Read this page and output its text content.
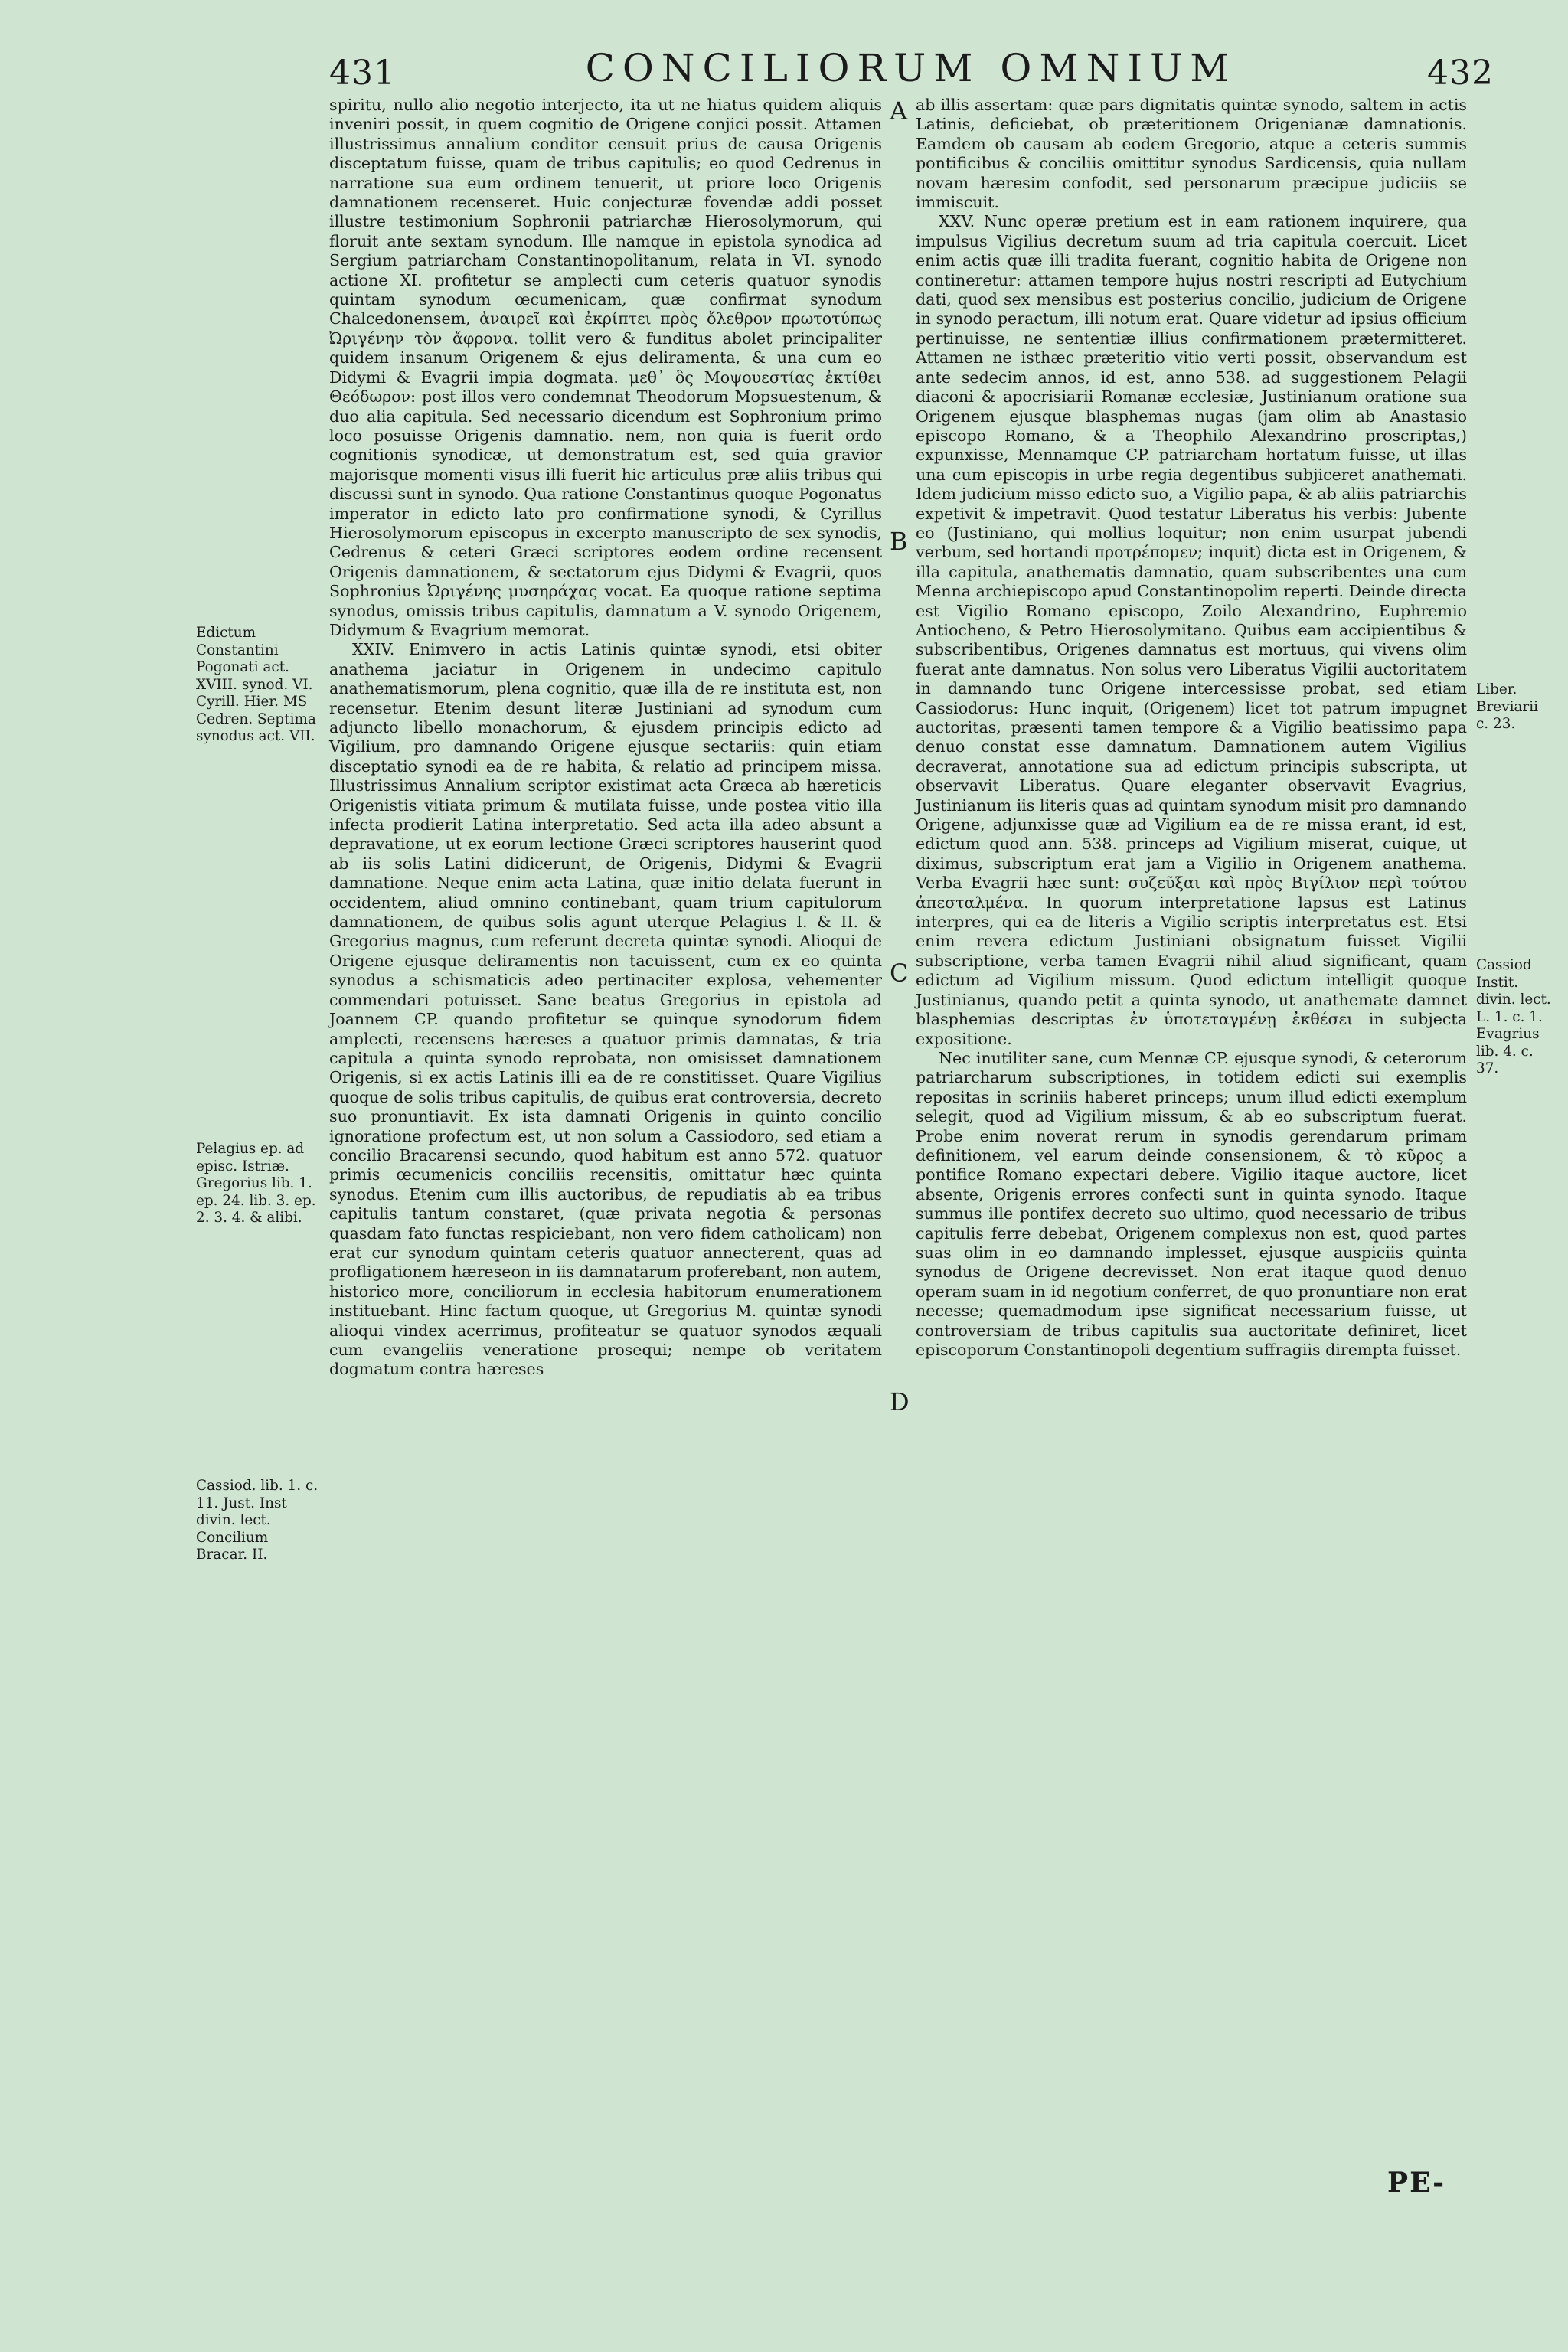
431	CONCILIORUM OMNIUM	432

spiritu, nullo alio negotio interjecto, ita ut ne hiatus quidem aliquis inveniri possit, in quem cognitio de Origene conjici possit. Attamen illustrissimus annalium conditor censuit prius de causa Origenis disceptatum fuisse, quam de tribus capitulis; eo quod Cedrenus in narratione sua eum ordinem tenuerit, ut priore loco Origenis damnationem recenseret. Huic conjecturæ fovendæ addi posset illustre testimonium Sophronii patriarchæ Hierosolymorum, qui floruit ante sextam synodum. Ille namque in epistola synodica ad Sergium patriarcham Constantinopolitanum, relata in VI. synodo actione XI. profitetur se amplecti cum ceteris quatuor synodis quintam synodum œcumenicam, quæ confirmat synodum Chalcedonensem, ἀναιρεῖ καὶ ἐκρίπτει πρὸς ὄλεθρον πρωτοτύπως Ὠριγένην τὸν ἄφρονα. tollit vero & funditus abolet principaliter quidem insanum Origenem & ejus deliramenta, & una cum eo Didymi & Evagrii impia dogmata. μεθ᾽ ὃς Μοψουεστίας ἐκτίθει Θεόδωρον: post illos vero condemnat Theodorum Mopsuestenum, & duo alia capitula. Sed necessario dicendum est Sophronium primo loco posuisse Origenis damnatio. nem, non quia is fuerit ordo cognitionis synodicæ, ut demonstratum est, sed quia gravior majorisque momenti visus illi fuerit hic articulus præ aliis tribus qui discussi sunt in synodo. Qua ratione Constantinus quoque Pogonatus imperator in edicto lato pro confirmatione synodi, & Cyrillus Hierosolymorum episcopus in excerpto manuscripto de sex synodis, Cedrenus & ceteri Græci scriptores eodem ordine recensent Origenis damnationem, & sectatorum ejus Didymi & Evagrii, quos Sophronius Ὠριγένης μυσηράχας vocat. Ea quoque ratione septima synodus, omissis tribus capitulis, damnatum a V. synodo Origenem, Didymum & Evagrium memorat.

XXIV. Enimvero in actis Latinis quintæ synodi, etsi obiter anathema jaciatur in Origenem in undecimo capitulo anathematismorum, plena cognitio, quæ illa de re instituta est, non recensetur. Etenim desunt literæ Justiniani ad synodum cum adjuncto libello monachorum, & ejusdem principis edicto ad Vigilium, pro damnando Origene ejusque sectariis: quin etiam disceptatio synodi ea de re habita, & relatio ad principem missa. Illustrissimus Annalium scriptor existimat acta Græca ab hæreticis Origenistis vitiata primum & mutilata fuisse, unde postea vitio illa infecta prodierit Latina interpretatio. Sed acta illa adeo absunt a depravatione, ut ex eorum lectione Græci scriptores hauserint quod ab iis solis Latini didicerunt, de Origenis, Didymi & Evagrii damnatione. Neque enim acta Latina, quæ initio delata fuerunt in occidentem, aliud omnino continebant, quam trium capitulorum damnationem, de quibus solis agunt uterque Pelagius I. & II. & Gregorius magnus, cum referunt decreta quintæ synodi. Alioqui de Origene ejusque deliramentis non tacuissent, cum ex eo quinta synodus a schismaticis adeo pertinaciter explosa, vehementer commendari potuisset. Sane beatus Gregorius in epistola ad Joannem CP. quando profitetur se quinque synodorum fidem amplecti, recensens hæreses a quatuor primis damnatas, & tria capitula a quinta synodo reprobata, non omisisset damnationem Origenis, si ex actis Latinis illi ea de re constitisset. Quare Vigilius quoque de solis tribus capitulis, de quibus erat controversia, decreto suo pronuntiavit. Ex ista damnati Origenis in quinto concilio ignoratione profectum est, ut non solum a Cassiodoro, sed etiam a concilio Bracarensi secundo, quod habitum est anno 572. quatuor primis œcumenicis conciliis recensitis, omittatur hæc quinta synodus. Etenim cum illis auctoribus, de repudiatis ab ea tribus capitulis tantum constaret, (quæ privata negotia & personas quasdam fato functas respiciebant, non vero fidem catholicam) non erat cur synodum quintam ceteris quatuor annecterent, quas ad profligationem hæreseon in iis damnatarum proferebant, non autem, historico more, conciliorum in ecclesia habitorum enumerationem instituebant. Hinc factum quoque, ut Gregorius M. quintæ synodi alioqui vindex acerrimus, profiteatur se quatuor synodos æquali cum evangeliis veneratione prosequi; nempe ob veritatem dogmatum contra hæreses

ab illis assertam: quæ pars dignitatis quintæ synodo, saltem in actis Latinis, deficiebat, ob præteritionem Origenianæ damnationis. Eamdem ob causam ab eodem Gregorio, atque a ceteris summis pontificibus & conciliis omittitur synodus Sardicensis, quia nullam novam hæresim confodit, sed personarum præcipue judiciis se immiscuit.

XXV. Nunc operæ pretium est in eam rationem inquirere, qua impulsus Vigilius decretum suum ad tria capitula coercuit. Licet enim actis quæ illi tradita fuerant, cognitio habita de Origene non contineretur: attamen tempore hujus nostri rescripti ad Eutychium dati, quod sex mensibus est posterius concilio, judicium de Origene in synodo peractum, illi notum erat. Quare videtur ad ipsius officium pertinuisse, ne sententiæ illius confirmationem prætermitteret. Attamen ne isthæc præteritio vitio verti possit, observandum est ante sedecim annos, id est, anno 538. ad suggestionem Pelagii diaconi & apocrisiarii Romanæ ecclesiæ, Justinianum oratione sua Origenem ejusque blasphemas nugas (jam olim ab Anastasio episcopo Romano, & a Theophilo Alexandrino proscriptas,) expunxisse, Mennamque CP. patriarcham hortatum fuisse, ut illas una cum episcopis in urbe regia degentibus subjiceret anathemati. Idem judicium misso edicto suo, a Vigilio papa, & ab aliis patriarchis expetivit & impetravit. Quod testatur Liberatus his verbis: Jubente eo (Justiniano, qui mollius loquitur; non enim usurpat jubendi verbum, sed hortandi προτρέπομεν; inquit) dicta est in Origenem, & illa capitula, anathematis damnatio, quam subscribentes una cum Menna archiepiscopo apud Constantinopolim reperti. Deinde directa est Vigilio Romano episcopo, Zoilo Alexandrino, Euphremio Antiocheno, & Petro Hierosolymitano. Quibus eam accipientibus & subscribentibus, Origenes damnatus est mortuus, qui vivens olim fuerat ante damnatus. Non solus vero Liberatus Vigilii auctoritatem in damnando tunc Origene intercessisse probat, sed etiam Cassiodorus: Hunc inquit, (Origenem) licet tot patrum impugnet auctoritas, præsenti tamen tempore & a Vigilio beatissimo papa denuo constat esse damnatum. Damnationem autem Vigilius decraverat, annotatione sua ad edictum principis subscripta, ut observavit Liberatus. Quare eleganter observavit Evagrius, Justinianum iis literis quas ad quintam synodum misit pro damnando Origene, adjunxisse quæ ad Vigilium ea de re missa erant, id est, edictum quod ann. 538. princeps ad Vigilium miserat, cuique, ut diximus, subscriptum erat jam a Vigilio in Origenem anathema. Verba Evagrii hæc sunt: συζεῦξαι καὶ πρὸς Βιγίλιον περὶ τούτου ἀπεσταλμένα. In quorum interpretatione lapsus est Latinus interpres, qui ea de literis a Vigilio scriptis interpretatus est. Etsi enim revera edictum Justiniani obsignatum fuisset Vigilii subscriptione, verba tamen Evagrii nihil aliud significant, quam edictum ad Vigilium missum. Quod edictum intelligit quoque Justinianus, quando petit a quinta synodo, ut anathemate damnet blasphemias descriptas ἐν ὑποτεταγμένῃ ἐκθέσει in subjecta expositione.

Nec inutiliter sane, cum Mennæ CP. ejusque synodi, & ceterorum patriarcharum subscriptiones, in totidem edicti sui exemplis repositas in scriniis haberet princeps; unum illud edicti exemplum selegit, quod ad Vigilium missum, & ab eo subscriptum fuerat. Probe enim noverat rerum in synodis gerendarum primam definitionem, vel earum deinde consensionem, & τὸ κῦρος a pontifice Romano expectari debere. Vigilio itaque auctore, licet absente, Origenis errores confecti sunt in quinta synodo. Itaque summus ille pontifex decreto suo ultimo, quod necessario de tribus capitulis ferre debebat, Origenem complexus non est, quod partes suas olim in eo damnando implesset, ejusque auspiciis quinta synodus de Origene decrevisset. Non erat itaque quod denuo operam suam in id negotium conferret, de quo pronuntiare non erat necesse; quemadmodum ipse significat necessarium fuisse, ut controversiam de tribus capitulis sua auctoritate definiret, licet episcoporum Constantinopoli degentium suffragiis dirempta fuisset.

Edictum Constantini Pogonati act. XVIII. synod. VI. Cyrill. Hier. MS Cedren. Septima synodus act. VII.
Pelagius ep. ad episc. Istriæ. Gregorius lib. 1. ep. 24. lib. 3. ep. 2. 3. 4. & alibi.
Cassiod. lib. 1. c. 11. Just. Inst divin. lect. Concilium Bracar. II.
Liber. Breviarii c. 23.
Cassiod Instit. divin. lect. L. 1. c. 1. Evagrius lib. 4. c. 37.
A
B
C
D
PE-
